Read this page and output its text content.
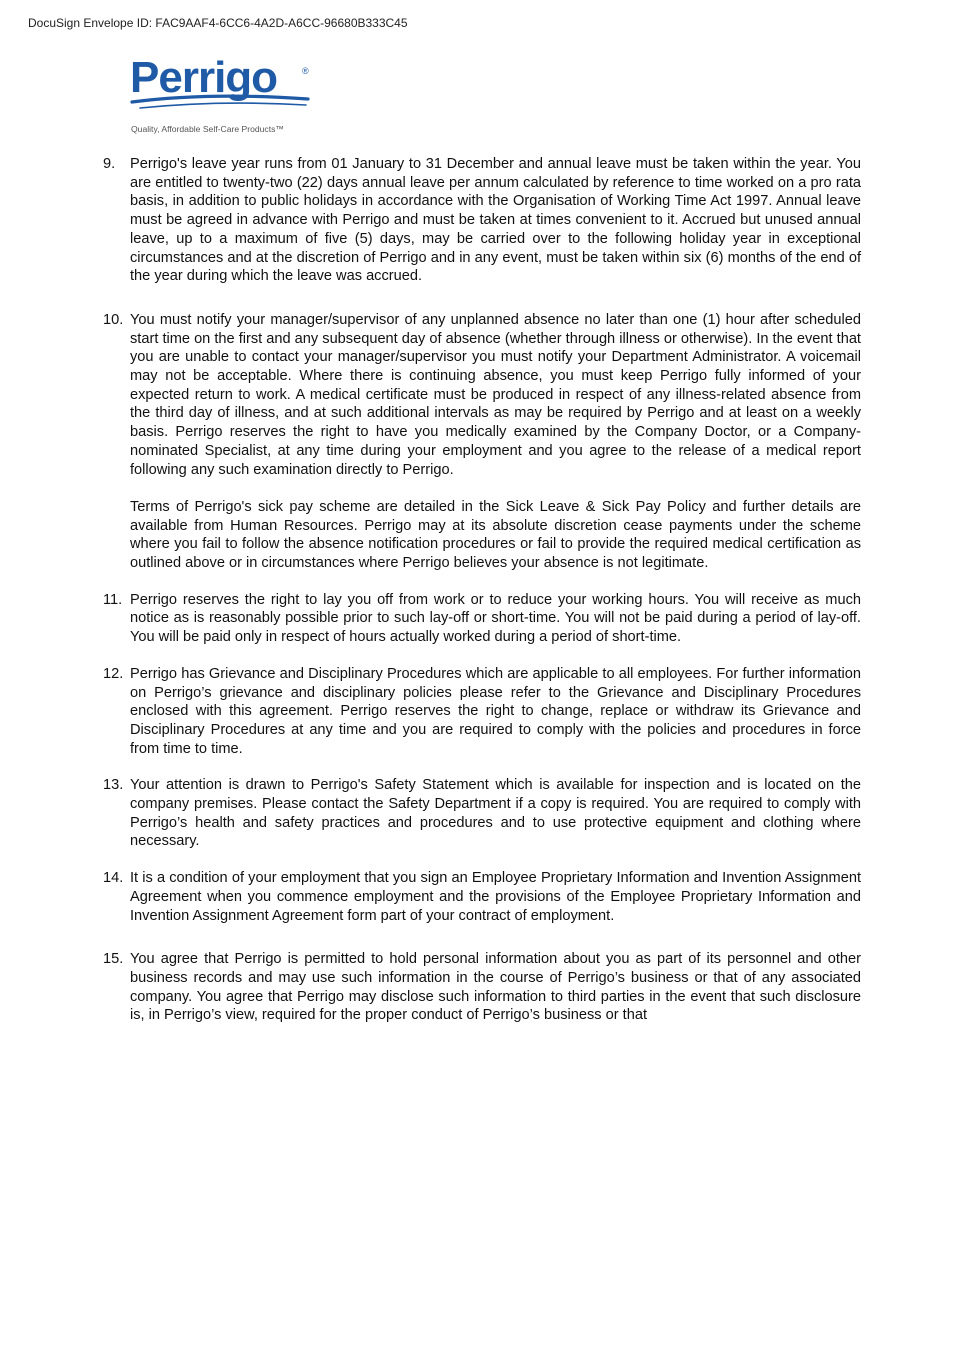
DocuSign Envelope ID: FAC9AAF4-6CC6-4A2D-A6CC-96680B333C45
Perrigo	®
Quality, Affordable Self-Care Products™
9.	Perrigo's leave year runs from 01 January to 31 December and annual leave must be taken within the year. You are entitled to twenty-two (22) days annual leave per annum calculated by reference to time worked on a pro rata basis, in addition to public holidays in accordance with the Organisation of Working Time Act 1997. Annual leave must be agreed in advance with Perrigo and must be taken at times convenient to it. Accrued but unused annual leave, up to a maximum of five (5) days, may be carried over to the following holiday year in exceptional circumstances and at the discretion of Perrigo and in any event, must be taken within six (6) months of the end of the year during which the leave was accrued.

10. You must notify your manager/supervisor of any unplanned absence no later than one (1) hour after scheduled start time on the first and any subsequent day of absence (whether through illness or otherwise). In the event that you are unable to contact your manager/supervisor you must notify your Department Administrator. A voicemail may not be acceptable. Where there is continuing absence, you must keep Perrigo fully informed of your expected return to work. A medical certificate must be produced in respect of any illness-related absence from the third day of illness, and at such additional intervals as may be required by Perrigo and at least on a weekly basis. Perrigo reserves the right to have you medically examined by the Company Doctor, or a Company-nominated Specialist, at any time during your employment and you agree to the release of a medical report following any such examination directly to Perrigo.

Terms of Perrigo's sick pay scheme are detailed in the Sick Leave & Sick Pay Policy and further details are available from Human Resources. Perrigo may at its absolute discretion cease payments under the scheme where you fail to follow the absence notification procedures or fail to provide the required medical certification as outlined above or in circumstances where Perrigo believes your absence is not legitimate.

11. Perrigo reserves the right to lay you off from work or to reduce your working hours. You will receive as much notice as is reasonably possible prior to such lay-off or short-time. You will not be paid during a period of lay-off. You will be paid only in respect of hours actually worked during a period of short-time.

12. Perrigo has Grievance and Disciplinary Procedures which are applicable to all employees. For further information on Perrigo’s grievance and disciplinary policies please refer to the Grievance and Disciplinary Procedures enclosed with this agreement. Perrigo reserves the right to change, replace or withdraw its Grievance and Disciplinary Procedures at any time and you are required to comply with the policies and procedures in force from time to time.

13. Your attention is drawn to Perrigo's Safety Statement which is available for inspection and is located on the company premises. Please contact the Safety Department if a copy is required. You are required to comply with Perrigo’s health and safety practices and procedures and to use protective equipment and clothing where necessary.

14. It is a condition of your employment that you sign an Employee Proprietary Information and Invention Assignment Agreement when you commence employment and the provisions of the Employee Proprietary Information and Invention Assignment Agreement form part of your contract of employment.

15. You agree that Perrigo is permitted to hold personal information about you as part of its personnel and other business records and may use such information in the course of Perrigo’s business or that of any associated company. You agree that Perrigo may disclose such information to third parties in the event that such disclosure is, in Perrigo’s view, required for the proper conduct of Perrigo’s business or that
